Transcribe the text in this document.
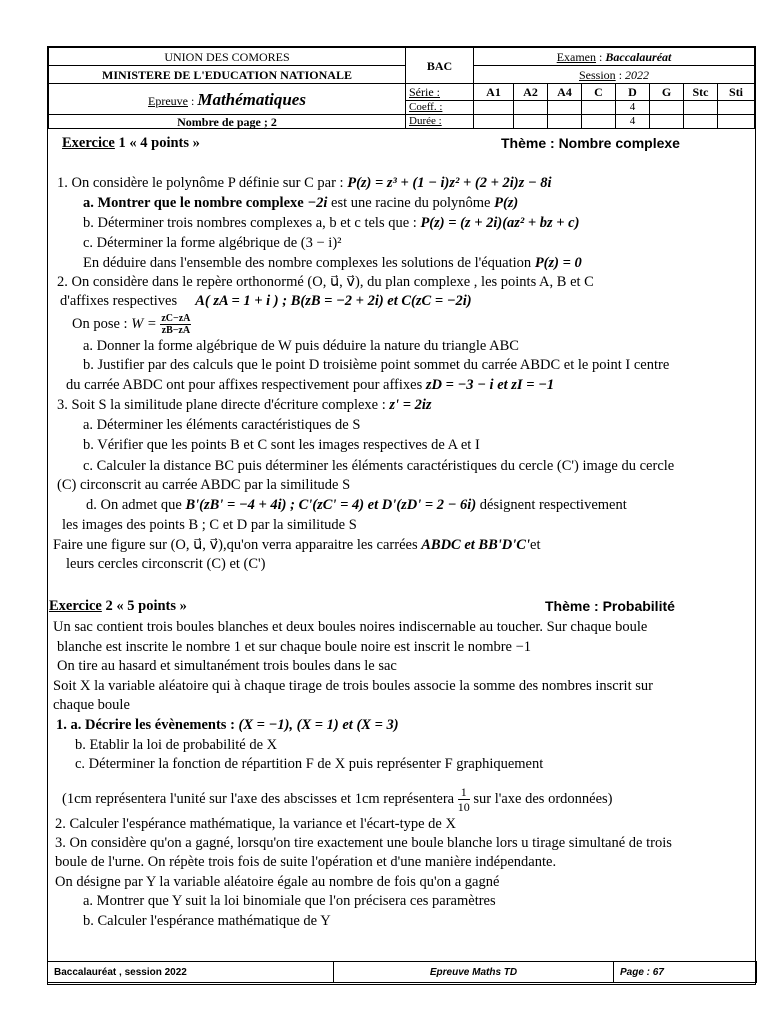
UNION DES COMORES	BAC	Examen : Baccalauréat							
MINISTERE DE L'EDUCATION NATIONALE		Session : 2022							
Epreuve : Mathématiques	Série :	A1	A2	A4	C	D	G	Stc	Sti
	Coeff. :					4			
Nombre de page ; 2	Durée :					4			
Exercice 1 « 4 points »	Thème : Nombre complexe
1. On considère le polynôme P définie sur C par : P(z) = z³ + (1 − i)z² + (2 + 2i)z − 8i
a. Montrer que le nombre complexe −2i est une racine du polynôme P(z)
b. Déterminer trois nombres complexes a, b et c tels que : P(z) = (z + 2i)(az² + bz + c)
c. Déterminer la forme algébrique de (3 − i)²
En déduire dans l'ensemble des nombre complexes les solutions de l'équation P(z) = 0
2. On considère dans le repère orthonormé (O, u⃗, v⃗), du plan complexe , les points A, B et C
d'affixes respectives A( zA = 1 + i ) ; B(zB = −2 + 2i) et C(zC = −2i)
On pose : $W = \frac{zC-zA}{zB-zA}$
a. Donner la forme algébrique de W puis déduire la nature du triangle ABC
b. Justifier par des calculs que le point D troisième point sommet du carrée ABDC et le point I centre
du carrée ABDC ont pour affixes respectivement pour affixes zD = −3 − i et zI = −1
3. Soit S la similitude plane directe d'écriture complexe : z' = 2iz
a. Déterminer les éléments caractéristiques de S
b. Vérifier que les points B et C sont les images respectives de A et I
c. Calculer la distance BC puis déterminer les éléments caractéristiques du cercle (C') image du cercle
(C) circonscrit au carrée ABDC par la similitude S
d. On admet que B'(zB' = −4 + 4i) ; C'(zC' = 4) et D'(zD' = 2 − 6i) désignent respectivement
les images des points B ; C et D par la similitude S
Faire une figure sur (O, u⃗, v⃗),qu'on verra apparaitre les carrées ABDC et BB'D'C'et
leurs cercles circonscrit (C) et (C')
Exercice 2 « 5 points »	Thème : Probabilité
Un sac contient trois boules blanches et deux boules noires indiscernable au toucher. Sur chaque boule
blanche est inscrite le nombre 1 et sur chaque boule noire est inscrit le nombre −1
On tire au hasard et simultanément trois boules dans le sac
Soit X la variable aléatoire qui à chaque tirage de trois boules associe la somme des nombres inscrit sur
chaque boule
1. a. Décrire les évènements : (X = −1), (X = 1) et (X = 3)
b. Etablir la loi de probabilité de X
c. Déterminer la fonction de répartition F de X puis représenter F graphiquement
(1cm représentera l'unité sur l'axe des abscisses et 1cm représentera $\frac{1}{10}$ sur l'axe des ordonnées)
2. Calculer l'espérance mathématique, la variance et l'écart-type de X
3. On considère qu'on a gagné, lorsqu'on tire exactement une boule blanche lors u tirage simultané de trois
boule de l'urne. On répète trois fois de suite l'opération et d'une manière indépendante.
On désigne par Y la variable aléatoire égale au nombre de fois qu'on a gagné
a. Montrer que Y suit la loi binomiale que l'on précisera ces paramètres
b. Calculer l'espérance mathématique de Y
Baccalauréat , session 2022	Epreuve Maths TD	Page : 67
